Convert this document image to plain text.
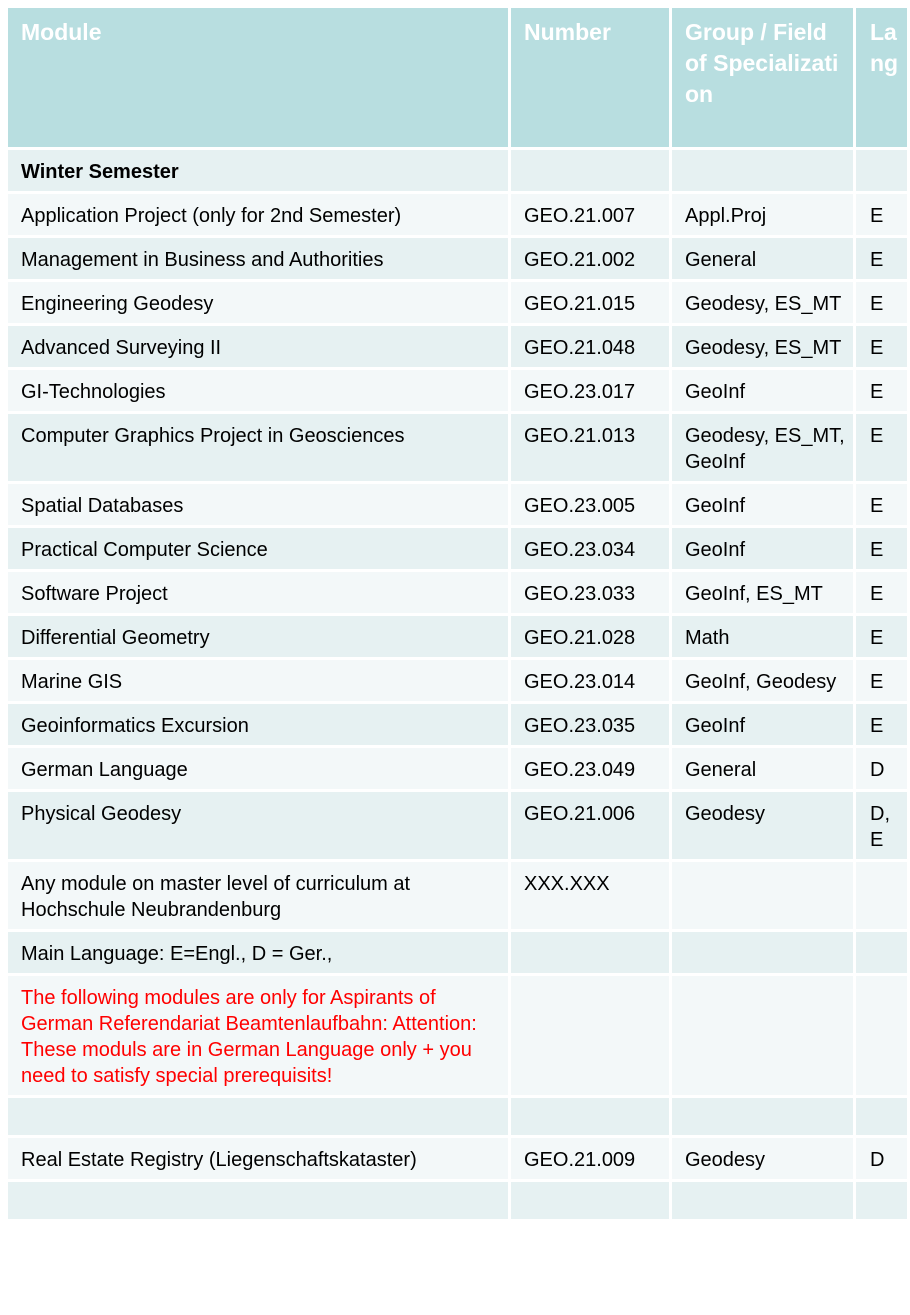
Module	Number	Group / Field of Specialization	Lang
Winter Semester			
Application Project (only for 2nd Semester)	GEO.21.007	Appl.Proj	E
Management in Business and Authorities	GEO.21.002	General	E
Engineering Geodesy	GEO.21.015	Geodesy, ES_MT	E
Advanced Surveying II	GEO.21.048	Geodesy, ES_MT	E
GI-Technologies	GEO.23.017	GeoInf	E
Computer Graphics Project in Geosciences	GEO.21.013	Geodesy, ES_MT, GeoInf	E
Spatial Databases	GEO.23.005	GeoInf	E
Practical Computer Science	GEO.23.034	GeoInf	E
Software Project	GEO.23.033	GeoInf, ES_MT	E
Differential Geometry	GEO.21.028	Math	E
Marine GIS	GEO.23.014	GeoInf, Geodesy	E
Geoinformatics Excursion	GEO.23.035	GeoInf	E
German Language	GEO.23.049	General	D
Physical Geodesy	GEO.21.006	Geodesy	D, E
Any module on master level of curriculum at Hochschule Neubrandenburg	XXX.XXX		
Main Language: E=Engl., D = Ger.,			
The following modules are only for Aspirants of German Referendariat Beamtenlaufbahn: Attention: These moduls are in German Language only + you need to satisfy special prerequisits!			

Real Estate Registry (Liegenschaftskataster)	GEO.21.009	Geodesy	D
